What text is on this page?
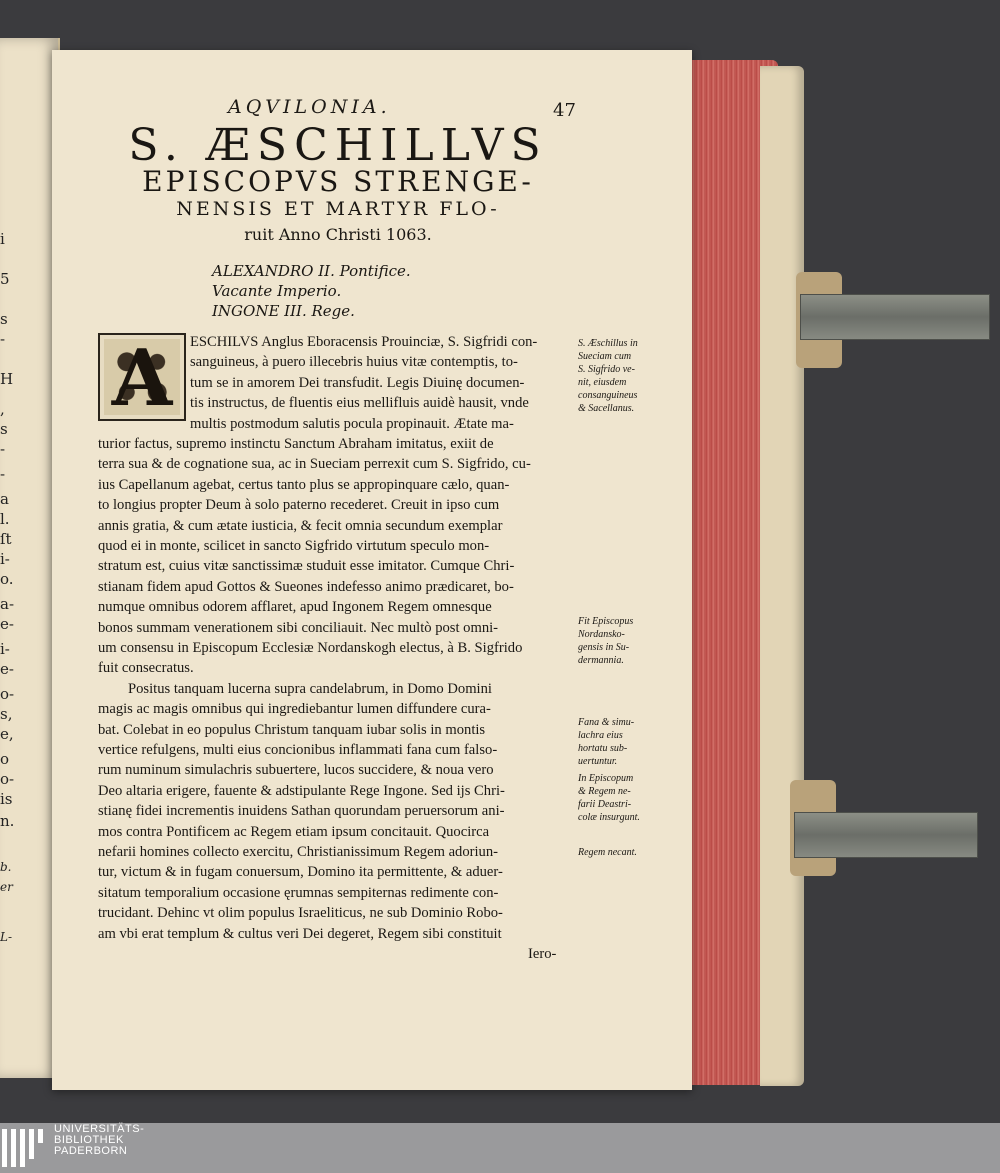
i
5
s
-
H
,
s
-
-
a
l.
ſt
i-
o.
a-
e-
i-
e-
o-
s,
e,
o
o-
is
n.
b.
er
L-
AQVILONIA.	47
S. ÆSCHILLVS
EPISCOPVS STRENGE-
NENSIS ET MARTYR FLO-
ruit Anno Christi 1063.
ALEXANDRO II. Pontifice.
Vacante Imperio.
INGONE III. Rege.
A	ESCHILVS Anglus Eboracensis Prouinciæ, S. Sigfridi con-
sanguineus, à puero illecebris huius vitæ contemptis, to-
tum se in amorem Dei transfudit. Legis Diuinę documen-
tis instructus, de fluentis eius mellifluis auidè hausit, vnde
multis postmodum salutis pocula propinauit. Ætate ma-
turior factus, supremo instinctu Sanctum Abraham imitatus, exiit de
terra sua & de cognatione sua, ac in Sueciam perrexit cum S. Sigfrido, cu-
ius Capellanum agebat, certus tanto plus se appropinquare cælo, quan-
to longius propter Deum à solo paterno recederet. Creuit in ipso cum
annis gratia, & cum ætate iusticia, & fecit omnia secundum exemplar
quod ei in monte, scilicet in sancto Sigfrido virtutum speculo mon-
stratum est, cuius vitæ sanctissimæ studuit esse imitator. Cumque Chri-
stianam fidem apud Gottos & Sueones indefesso animo prædicaret, bo-
numque omnibus odorem afflaret, apud Ingonem Regem omnesque
bonos summam venerationem sibi conciliauit. Nec multò post omni-
um consensu in Episcopum Ecclesiæ Nordanskogh electus, à B. Sigfrido
fuit consecratus.
Positus tanquam lucerna supra candelabrum, in Domo Domini
magis ac magis omnibus qui ingrediebantur lumen diffundere cura-
bat. Colebat in eo populus Christum tanquam iubar solis in montis
vertice refulgens, multi eius concionibus inflammati fana cum falso-
rum numinum simulachris subuertere, lucos succidere, & noua vero
Deo altaria erigere, fauente & adstipulante Rege Ingone. Sed ijs Chri-
stianę fidei incrementis inuidens Sathan quorundam peruersorum ani-
mos contra Pontificem ac Regem etiam ipsum concitauit. Quocirca
nefarii homines collecto exercitu, Christianissimum Regem adoriun-
tur, victum & in fugam conuersum, Domino ita permittente, & aduer-
sitatum temporalium occasione ęrumnas sempiternas redimente con-
trucidant. Dehinc vt olim populus Israeliticus, ne sub Dominio Robo-
am vbi erat templum & cultus veri Dei degeret, Regem sibi constituit
Iero-
S. Æschillus in
Sueciam cum
S. Sigfrido ve-
nit, eiusdem
consanguineus
& Sacellanus.
Fit Episcopus
Nordansko-
gensis in Su-
dermannia.
Fana & simu-
lachra eius
hortatu sub-
uertuntur.
In Episcopum
& Regem ne-
farii Deastri-
colæ insurgunt.
Regem necant.
UNIVERSITÄTS-
BIBLIOTHEK
PADERBORN
